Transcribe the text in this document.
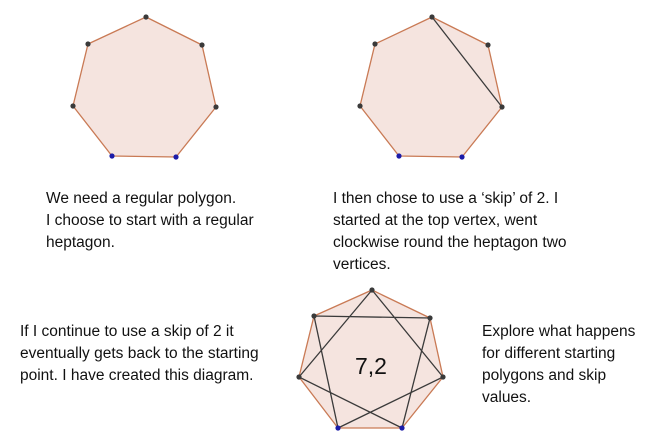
7,2
We need a regular polygon.
I choose to start with a regular
heptagon.
I then chose to use a ‘skip’ of 2. I
started at the top vertex, went
clockwise round the heptagon two
vertices.
If I continue to use a skip of 2 it
eventually gets back to the starting
point. I have created this diagram.
Explore what happens
for different starting
polygons and skip
values.
